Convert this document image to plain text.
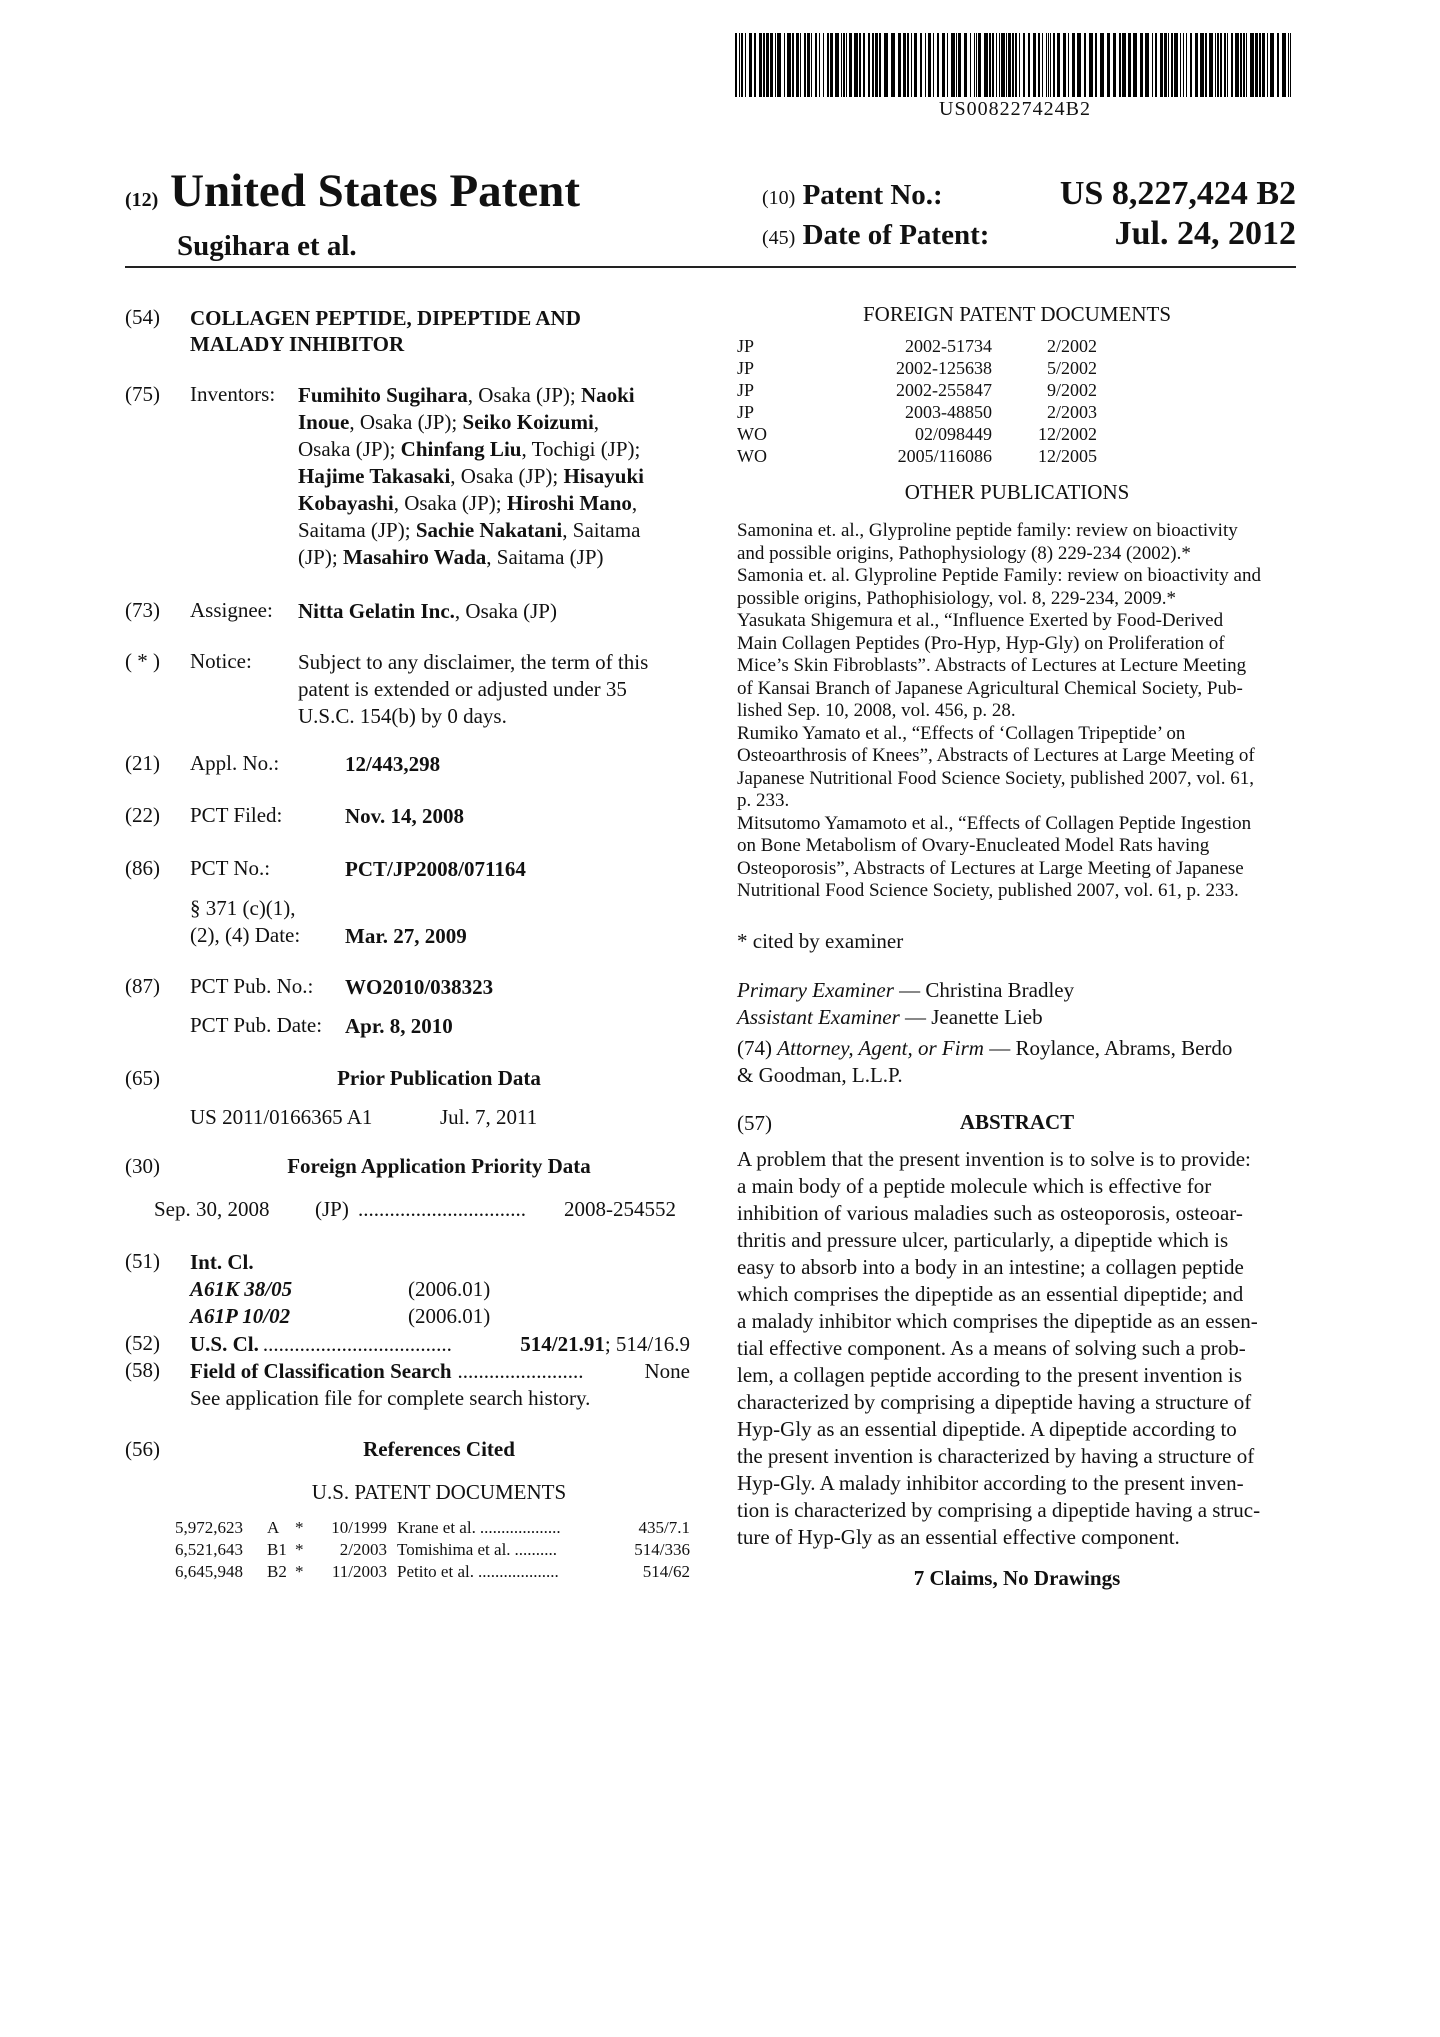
US008227424B2
(12) United States Patent
Sugihara et al.
(10) Patent No.:	US 8,227,424 B2
(45) Date of Patent:	Jul. 24, 2012
(54) COLLAGEN PEPTIDE, DIPEPTIDE AND
MALADY INHIBITOR
(75) Inventors: Fumihito Sugihara, Osaka (JP); Naoki
Inoue, Osaka (JP); Seiko Koizumi,
Osaka (JP); Chinfang Liu, Tochigi (JP);
Hajime Takasaki, Osaka (JP); Hisayuki
Kobayashi, Osaka (JP); Hiroshi Mano,
Saitama (JP); Sachie Nakatani, Saitama
(JP); Masahiro Wada, Saitama (JP)
(73) Assignee: Nitta Gelatin Inc., Osaka (JP)
( * ) Notice: Subject to any disclaimer, the term of this
patent is extended or adjusted under 35
U.S.C. 154(b) by 0 days.
(21) Appl. No.:	12/443,298
(22) PCT Filed:	Nov. 14, 2008
(86) PCT No.:	PCT/JP2008/071164
§ 371 (c)(1),
(2), (4) Date: Mar. 27, 2009
(87) PCT Pub. No.: WO2010/038323
PCT Pub. Date: Apr. 8, 2010
(65)	Prior Publication Data
US 2011/0166365 A1	Jul. 7, 2011
(30)	Foreign Application Priority Data
Sep. 30, 2008 (JP) ................................	2008-254552
(51) Int. Cl.
A61K 38/05	(2006.01)
A61P 10/02	(2006.01)
(52) U.S. Cl. ....................................	514/21.91 ; 514/16.9
(58) Field of Classification Search ........................	None
See application file for complete search history.
(56)	References Cited
U.S. PATENT DOCUMENTS
5,972,623	A *	10/1999 Krane et al. ...................	435/7.1
6,521,643	B1 *	2/2003 Tomishima et al. ..........	514/336
6,645,948	B2 *	11/2003 Petito et al. ...................	514/62
FOREIGN PATENT DOCUMENTS
JP	2002-51734	2/2002
JP	2002-125638	5/2002
JP	2002-255847	9/2002
JP	2003-48850	2/2003
WO	02/098449	12/2002
WO	2005/116086	12/2005
OTHER PUBLICATIONS
Samonina et. al., Glyproline peptide family: review on bioactivity
and possible origins, Pathophysiology (8) 229-234 (2002).*
Samonia et. al. Glyproline Peptide Family: review on bioactivity and
possible origins, Pathophisiology, vol. 8, 229-234, 2009.*
Yasukata Shigemura et al., “Influence Exerted by Food-Derived
Main Collagen Peptides (Pro-Hyp, Hyp-Gly) on Proliferation of
Mice’s Skin Fibroblasts”. Abstracts of Lectures at Lecture Meeting
of Kansai Branch of Japanese Agricultural Chemical Society, Pub-
lished Sep. 10, 2008, vol. 456, p. 28.
Rumiko Yamato et al., “Effects of ‘Collagen Tripeptide’ on
Osteoarthrosis of Knees”, Abstracts of Lectures at Large Meeting of
Japanese Nutritional Food Science Society, published 2007, vol. 61,
p. 233.
Mitsutomo Yamamoto et al., “Effects of Collagen Peptide Ingestion
on Bone Metabolism of Ovary-Enucleated Model Rats having
Osteoporosis”, Abstracts of Lectures at Large Meeting of Japanese
Nutritional Food Science Society, published 2007, vol. 61, p. 233.
* cited by examiner
Primary Examiner — Christina Bradley
Assistant Examiner — Jeanette Lieb
(74) Attorney, Agent, or Firm — Roylance, Abrams, Berdo
& Goodman, L.L.P.
(57)	ABSTRACT
A problem that the present invention is to solve is to provide:
a main body of a peptide molecule which is effective for
inhibition of various maladies such as osteoporosis, osteoar-
thritis and pressure ulcer, particularly, a dipeptide which is
easy to absorb into a body in an intestine; a collagen peptide
which comprises the dipeptide as an essential dipeptide; and
a malady inhibitor which comprises the dipeptide as an essen-
tial effective component. As a means of solving such a prob-
lem, a collagen peptide according to the present invention is
characterized by comprising a dipeptide having a structure of
Hyp-Gly as an essential dipeptide. A dipeptide according to
the present invention is characterized by having a structure of
Hyp-Gly. A malady inhibitor according to the present inven-
tion is characterized by comprising a dipeptide having a struc-
ture of Hyp-Gly as an essential effective component.
7 Claims, No Drawings
